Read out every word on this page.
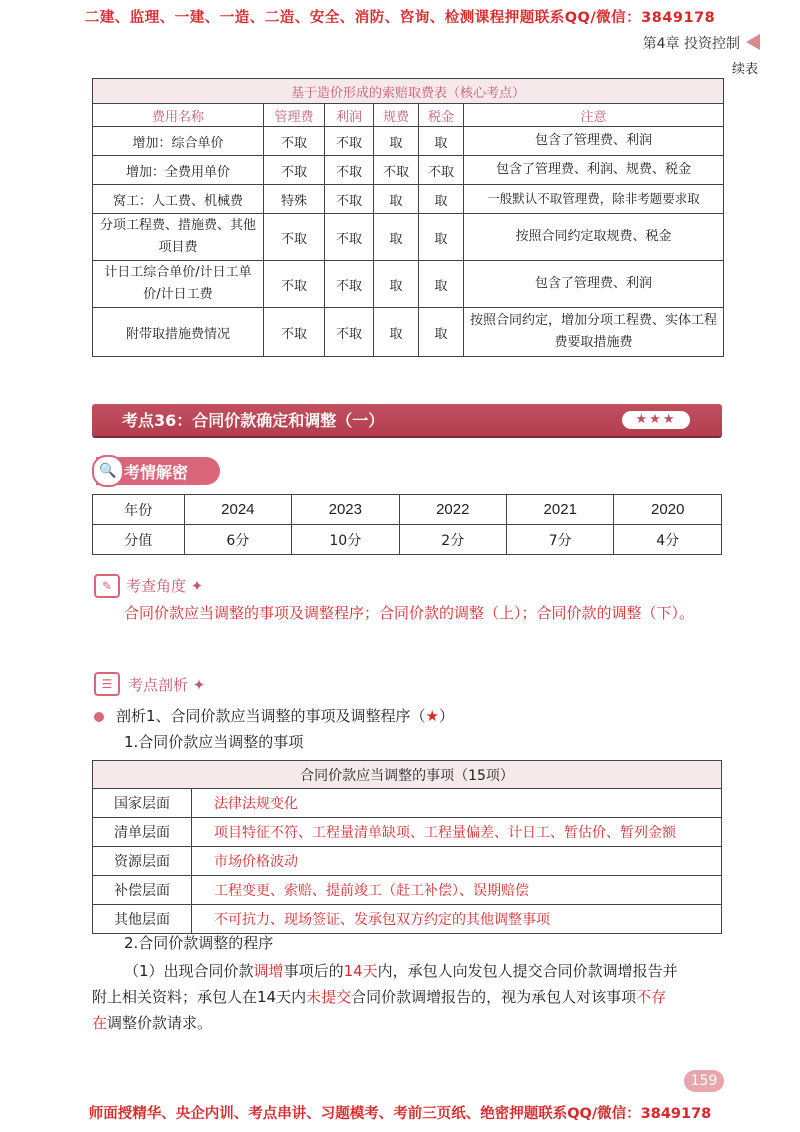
二建、监理、一建、一造、二造、安全、消防、咨询、检测课程押题联系QQ/微信：3849178
第4章 投资控制
续表
基于造价形成的索赔取费表（核心考点）					
费用名称	管理费	利润	规费	税金	注意
增加：综合单价	不取	不取	取	取	包含了管理费、利润
增加：全费用单价	不取	不取	不取	不取	包含了管理费、利润、规费、税金
窝工：人工费、机械费	特殊	不取	取	取	一般默认不取管理费，除非考题要求取
分项工程费、措施费、其他项目费	不取	不取	取	取	按照合同约定取规费、税金
计日工综合单价/计日工单价/计日工费	不取	不取	取	取	包含了管理费、利润
附带取措施费情况	不取	不取	取	取	按照合同约定，增加分项工程费、实体工程费要取措施费
考点36：合同价款确定和调整（一）	★★★
🔍 考情解密
年份	2024	2023	2022	2021	2020
分值	6分	10分	2分	7分	4分
✎ 考查角度 ✦
合同价款应当调整的事项及调整程序；合同价款的调整（上）；合同价款的调整（下）。
☰	考点剖析 ✦
剖析1、合同价款应当调整的事项及调整程序（★）
1.合同价款应当调整的事项
合同价款应当调整的事项（15项）	
国家层面	法律法规变化
清单层面	项目特征不符、工程量清单缺项、工程量偏差、计日工、暂估价、暂列金额
资源层面	市场价格波动
补偿层面	工程变更、索赔、提前竣工（赶工补偿）、误期赔偿
其他层面	不可抗力、现场签证、发承包双方约定的其他调整事项
2.合同价款调整的程序
（1）出现合同价款调增事项后的14天内，承包人向发包人提交合同价款调增报告并
附上相关资料；承包人在14天内未提交合同价款调增报告的，视为承包人对该事项不存
在调整价款请求。
159
师面授精华、央企内训、考点串讲、习题模考、考前三页纸、绝密押题联系QQ/微信：3849178
